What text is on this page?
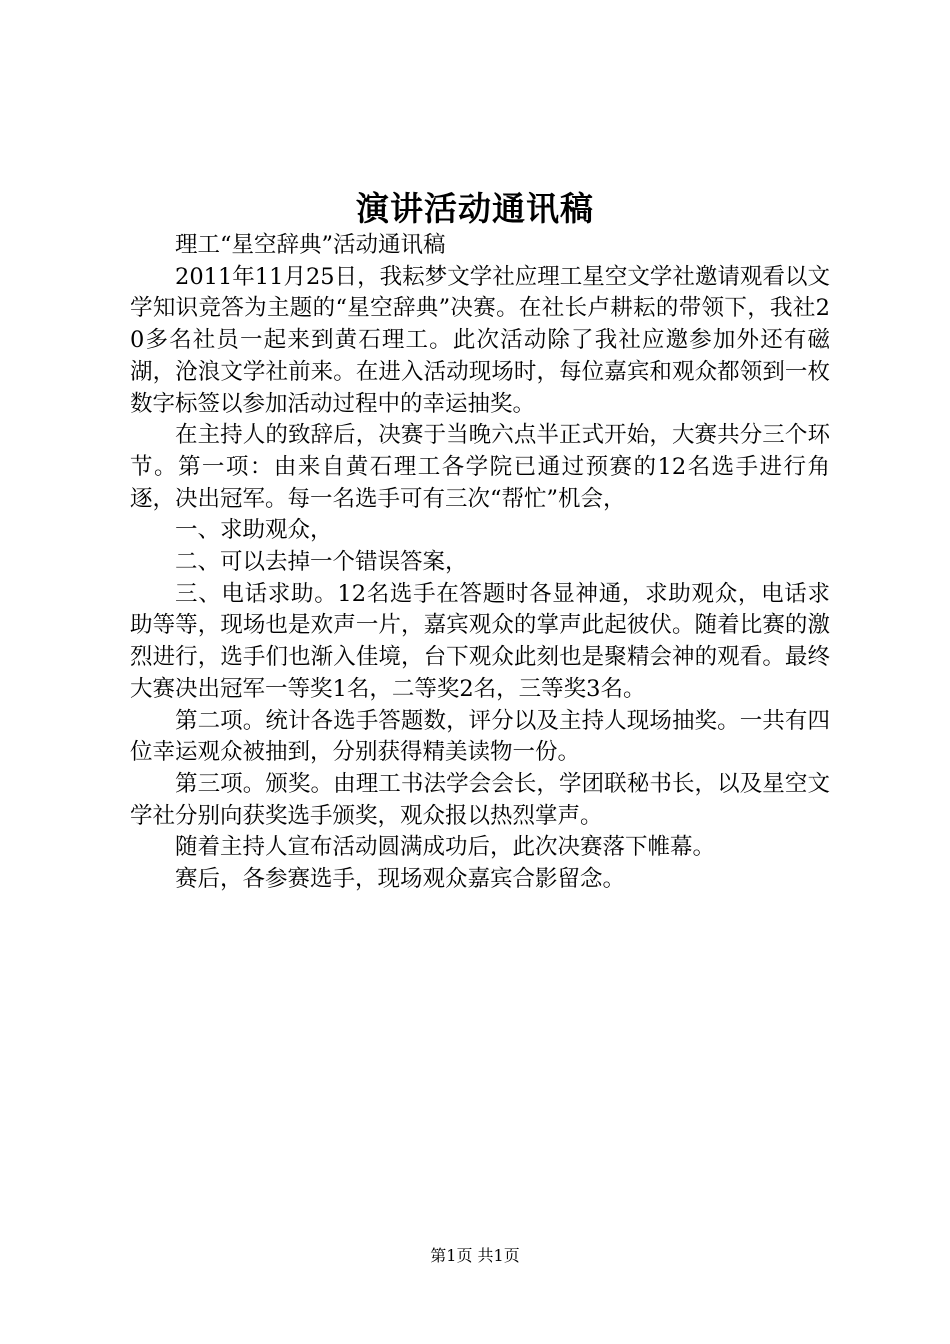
演讲活动通讯稿

理工“星空辞典”活动通讯稿

2011年11月25日，我耘梦文学社应理工星空文学社邀请观看以文学知识竞答为主题的“星空辞典”决赛。在社长卢耕耘的带领下，我社20多名社员一起来到黄石理工。此次活动除了我社应邀参加外还有磁湖，沧浪文学社前来。在进入活动现场时，每位嘉宾和观众都领到一枚数字标签以参加活动过程中的幸运抽奖。

在主持人的致辞后，决赛于当晚六点半正式开始，大赛共分三个环节。第一项：由来自黄石理工各学院已通过预赛的12名选手进行角逐，决出冠军。每一名选手可有三次“帮忙”机会，

一、求助观众，

二、可以去掉一个错误答案，

三、电话求助。12名选手在答题时各显神通，求助观众，电话求助等等，现场也是欢声一片，嘉宾观众的掌声此起彼伏。随着比赛的激烈进行，选手们也渐入佳境，台下观众此刻也是聚精会神的观看。最终大赛决出冠军一等奖1名，二等奖2名，三等奖3名。

第二项。统计各选手答题数，评分以及主持人现场抽奖。一共有四位幸运观众被抽到，分别获得精美读物一份。

第三项。颁奖。由理工书法学会会长，学团联秘书长，以及星空文学社分别向获奖选手颁奖，观众报以热烈掌声。

随着主持人宣布活动圆满成功后，此次决赛落下帷幕。

赛后，各参赛选手，现场观众嘉宾合影留念。

第1页 共1页
